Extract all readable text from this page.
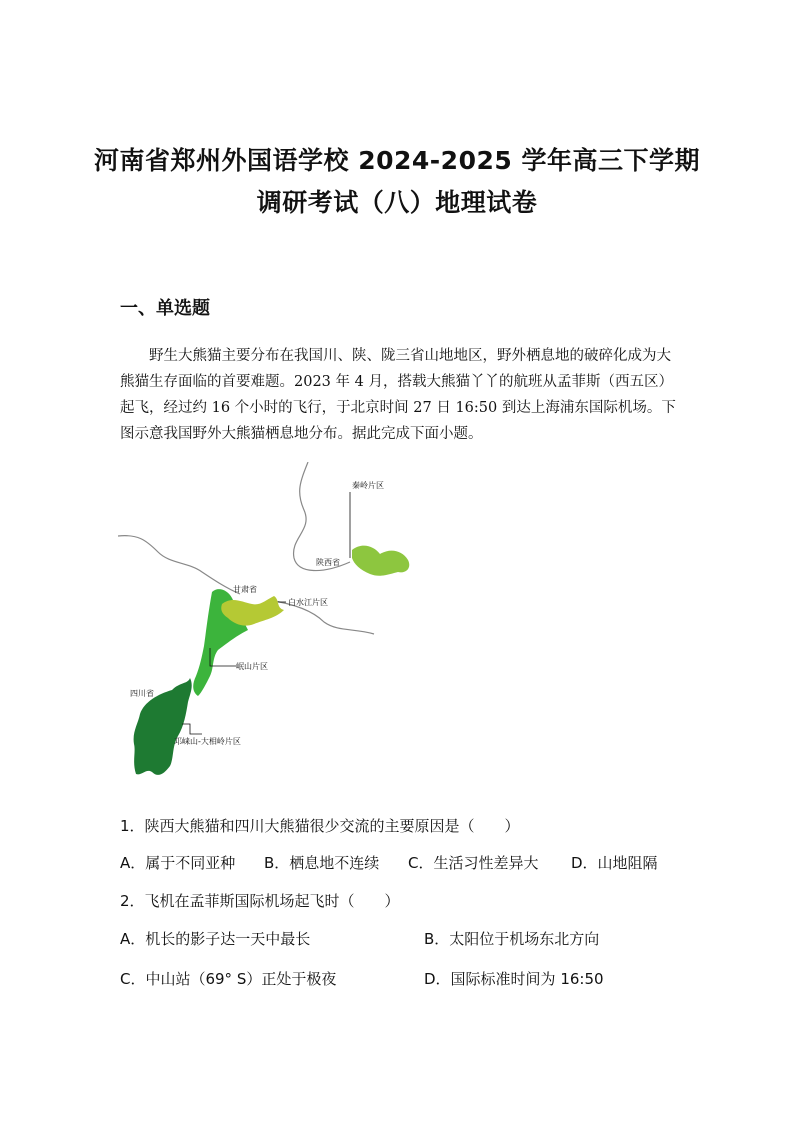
河南省郑州外国语学校 2024-2025 学年高三下学期
调研考试（八）地理试卷
一、单选题

野生大熊猫主要分布在我国川、陕、陇三省山地地区，野外栖息地的破碎化成为大熊猫生存面临的首要难题。2023 年 4 月，搭载大熊猫丫丫的航班从孟菲斯（西五区）起飞，经过约 16 个小时的飞行，于北京时间 27 日 16:50 到达上海浦东国际机场。下图示意我国野外大熊猫栖息地分布。据此完成下面小题。

秦岭片区
陕西省
甘肃省
白水江片区
岷山片区
四川省
邛崃山-大相岭片区
1．陕西大熊猫和四川大熊猫很少交流的主要原因是（　　）
A．属于不同亚种 B．栖息地不连续 C．生活习性差异大 D．山地阻隔
2．飞机在孟菲斯国际机场起飞时（　　）
A．机长的影子达一天中最长	B．太阳位于机场东北方向
C．中山站（69° S）正处于极夜	D．国际标准时间为 16:50
